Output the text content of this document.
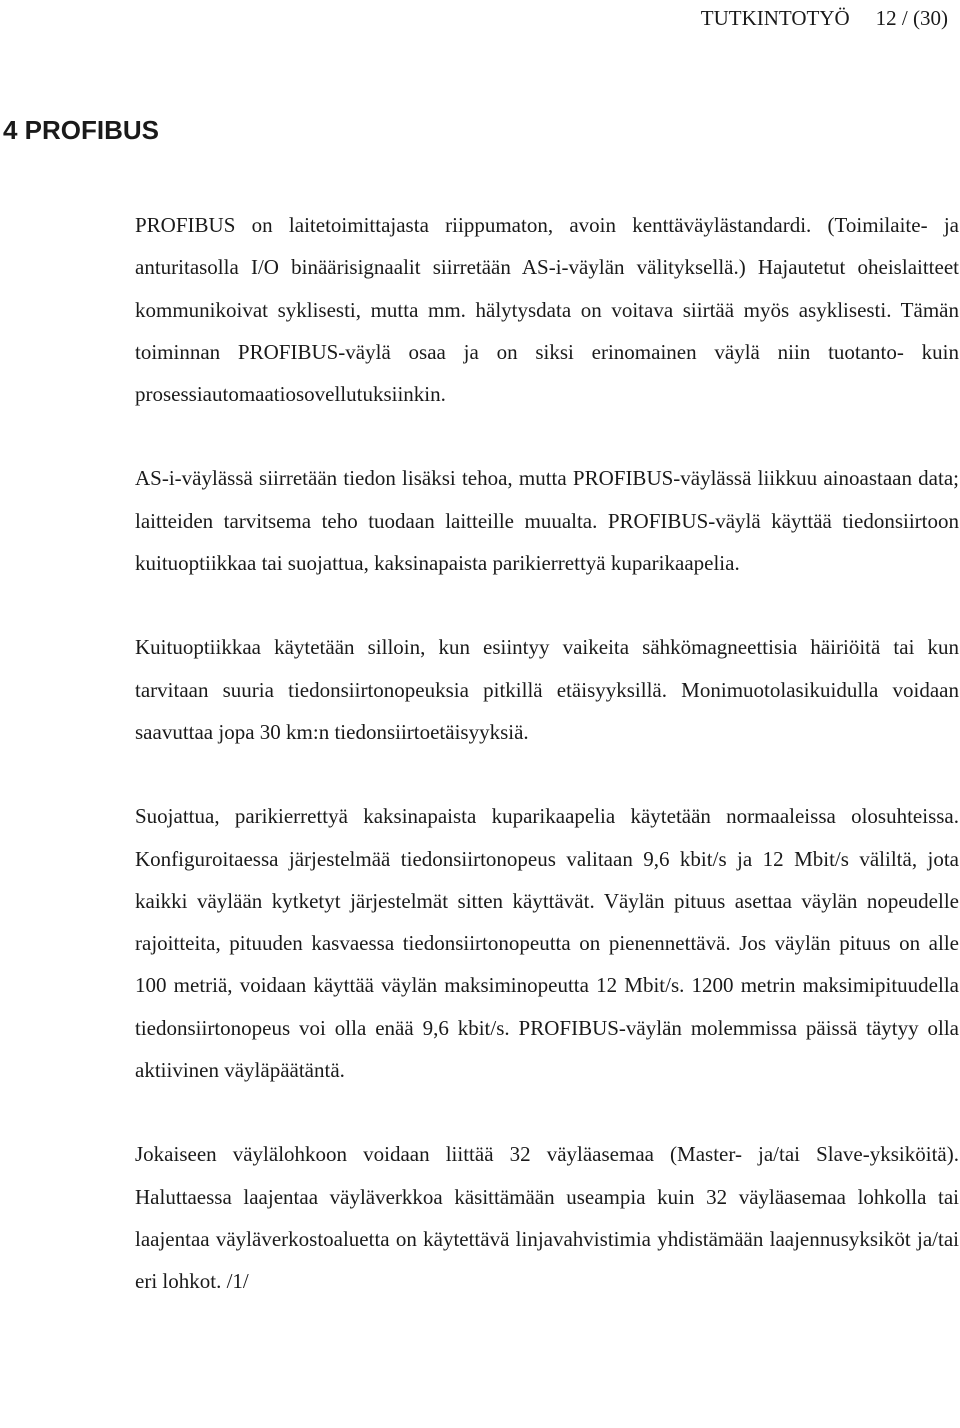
TUTKINTOTYÖ 12 / (30)
4 PROFIBUS

PROFIBUS on laitetoimittajasta riippumaton, avoin kenttäväylästandardi. (Toimilaite- ja anturitasolla I/O binäärisignaalit siirretään AS-i-väylän välityksellä.) Hajautetut oheislaitteet kommunikoivat syklisesti, mutta mm. hälytysdata on voitava siirtää myös asyklisesti. Tämän toiminnan PROFIBUS-väylä osaa ja on siksi erinomainen väylä niin tuotanto- kuin prosessiautomaatiosovellutuksiinkin.

AS-i-väylässä siirretään tiedon lisäksi tehoa, mutta PROFIBUS-väylässä liikkuu ainoastaan data; laitteiden tarvitsema teho tuodaan laitteille muualta. PROFIBUS-väylä käyttää tiedonsiirtoon kuituoptiikkaa tai suojattua, kaksinapaista parikierrettyä kuparikaapelia.

Kuituoptiikkaa käytetään silloin, kun esiintyy vaikeita sähkömagneettisia häiriöitä tai kun tarvitaan suuria tiedonsiirtonopeuksia pitkillä etäisyyksillä. Monimuotolasikuidulla voidaan saavuttaa jopa 30 km:n tiedonsiirtoetäisyyksiä.

Suojattua, parikierrettyä kaksinapaista kuparikaapelia käytetään normaaleissa olosuhteissa. Konfiguroitaessa järjestelmää tiedonsiirtonopeus valitaan 9,6 kbit/s ja 12 Mbit/s väliltä, jota kaikki väylään kytketyt järjestelmät sitten käyttävät. Väylän pituus asettaa väylän nopeudelle rajoitteita, pituuden kasvaessa tiedonsiirtonopeutta on pienennettävä. Jos väylän pituus on alle 100 metriä, voidaan käyttää väylän maksiminopeutta 12 Mbit/s. 1200 metrin maksimipituudella tiedonsiirtonopeus voi olla enää 9,6 kbit/s. PROFIBUS-väylän molemmissa päissä täytyy olla aktiivinen väyläpäätäntä.

Jokaiseen väylälohkoon voidaan liittää 32 väyläasemaa (Master- ja/tai Slave-yksiköitä). Haluttaessa laajentaa väyläverkkoa käsittämään useampia kuin 32 väyläasemaa lohkolla tai laajentaa väyläverkostoaluetta on käytettävä linjavahvistimia yhdistämään laajennusyksiköt ja/tai eri lohkot. /1/
